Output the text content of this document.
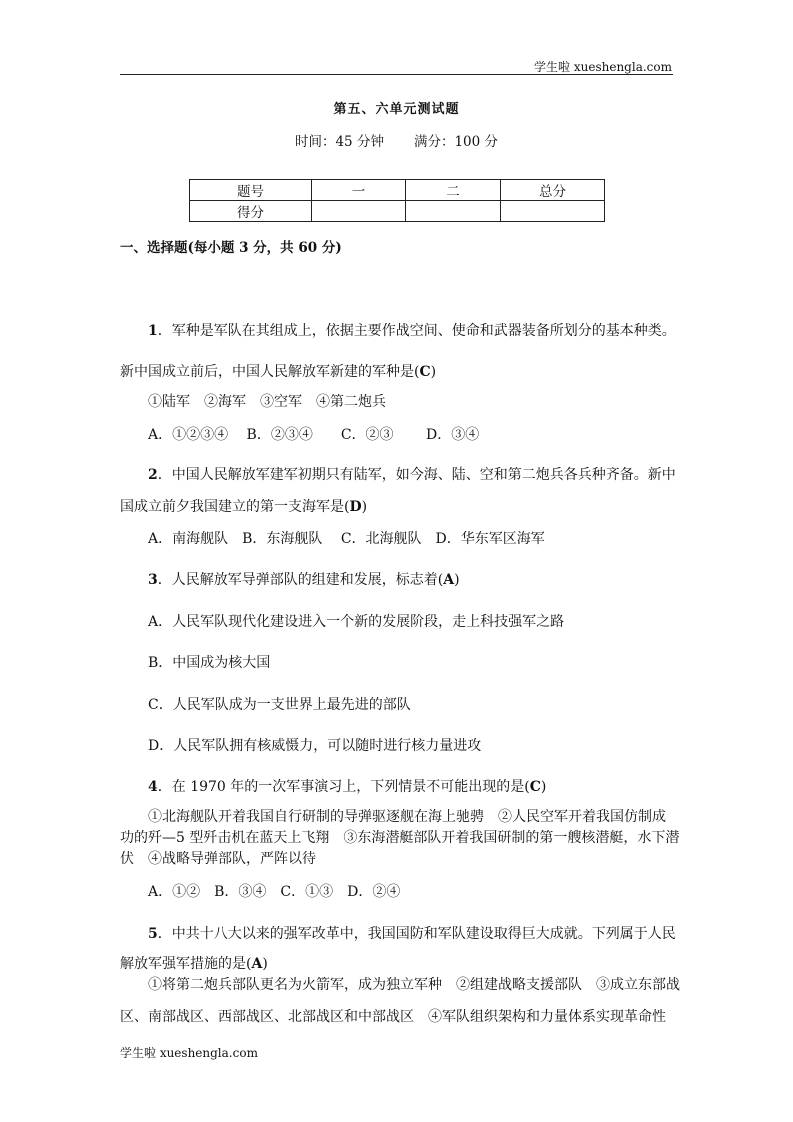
学生啦 xueshengla.com
第五、六单元测试题
时间：45 分钟 满分：100 分
题号	一	二	总分
得分			
一、选择题(每小题 3 分，共 60 分)
1．军种是军队在其组成上，依据主要作战空间、使命和武器装备所划分的基本种类。
新中国成立前后，中国人民解放军新建的军种是(C)
①陆军　②海军　③空军　④第二炮兵
A．①②③④　 B．②③④　　C．②③　　 D．③④
2．中国人民解放军建军初期只有陆军，如今海、陆、空和第二炮兵各兵种齐备。新中
国成立前夕我国建立的第一支海军是(D)
A．南海舰队　B．东海舰队　 C．北海舰队　D．华东军区海军
3．人民解放军导弹部队的组建和发展，标志着(A)
A．人民军队现代化建设进入一个新的发展阶段，走上科技强军之路
B．中国成为核大国
C．人民军队成为一支世界上最先进的部队
D．人民军队拥有核威慑力，可以随时进行核力量进攻
4．在 1970 年的一次军事演习上，下列情景不可能出现的是(C)
①北海舰队开着我国自行研制的导弹驱逐舰在海上驰骋　②人民空军开着我国仿制成
功的歼—5 型歼击机在蓝天上飞翔　③东海潜艇部队开着我国研制的第一艘核潜艇，水下潜
伏　④战略导弹部队，严阵以待
A．①②　B．③④　C．①③　D．②④
5．中共十八大以来的强军改革中，我国国防和军队建设取得巨大成就。下列属于人民
解放军强军措施的是(A)
①将第二炮兵部队更名为火箭军，成为独立军种　②组建战略支援部队　③成立东部战
区、南部战区、西部战区、北部战区和中部战区　④军队组织架构和力量体系实现革命性
学生啦 xueshengla.com
